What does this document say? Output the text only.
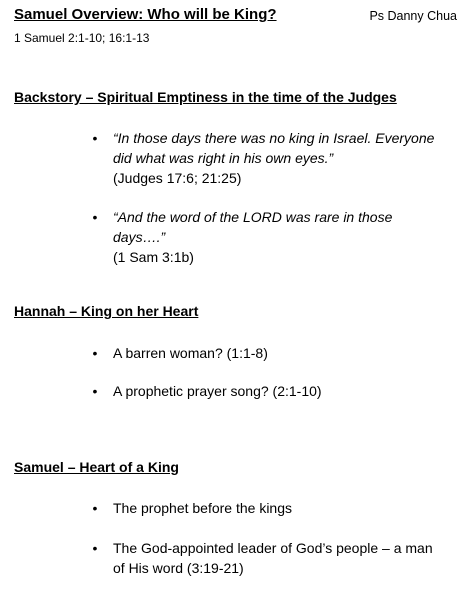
Samuel Overview: Who will be King?	Ps Danny Chua
1 Samuel 2:1-10; 16:1-13
Backstory – Spiritual Emptiness in the time of the Judges
•	“In those days there was no king in Israel. Everyone did what was right in his own eyes.”
(Judges 17:6; 21:25)
•	“And the word of the LORD was rare in those days….”
(1 Sam 3:1b)
Hannah – King on her Heart
•	A barren woman? (1:1-8)
•	A prophetic prayer song? (2:1-10)
Samuel – Heart of a King
•	The prophet before the kings
•	The God-appointed leader of God’s people – a man of His word (3:19-21)
